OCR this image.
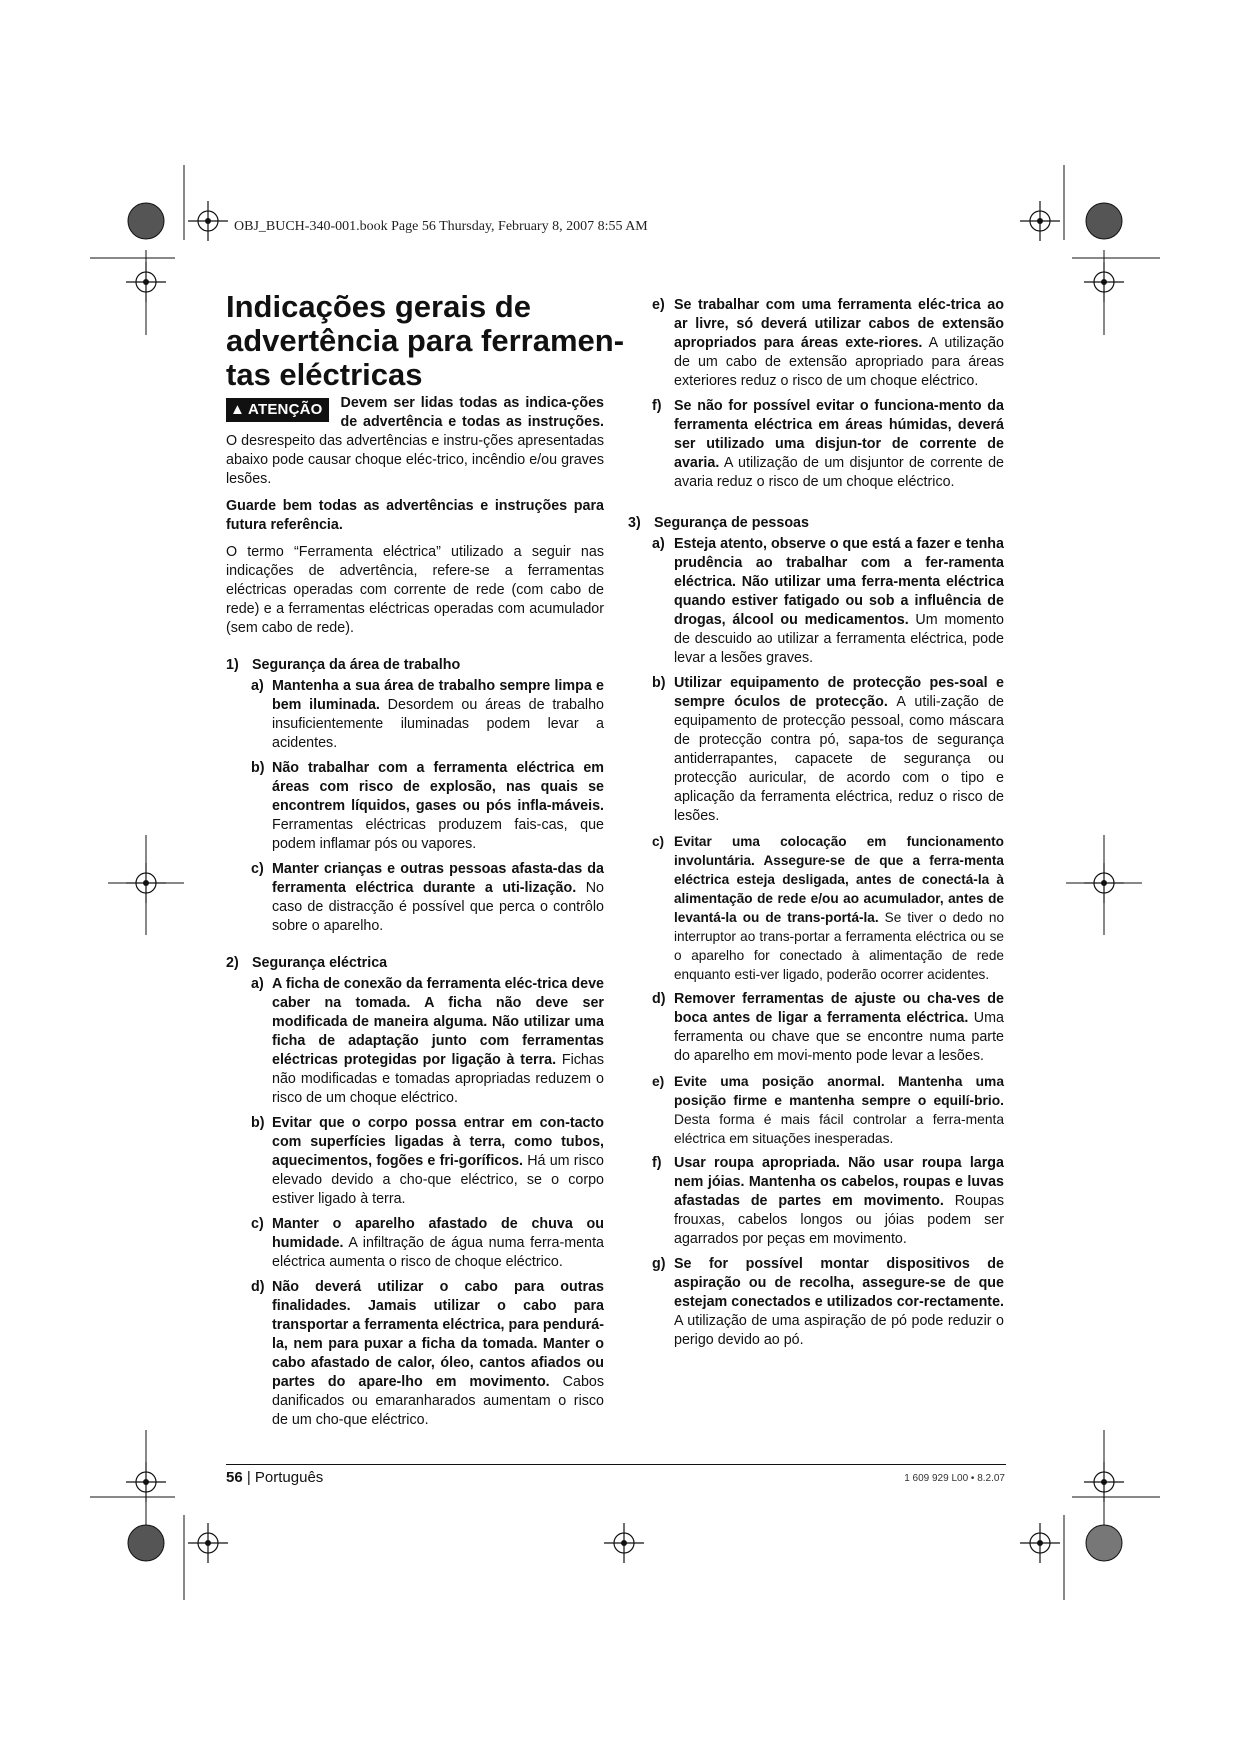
OBJ_BUCH-340-001.book Page 56 Thursday, February 8, 2007 8:55 AM
Indicações gerais de advertência para ferramen-tas eléctricas

▲ ATENÇÃO	Devem ser lidas todas as indica-ções de advertência e todas as instruções. O desrespeito das advertências e instru-ções apresentadas abaixo pode causar choque eléc-trico, incêndio e/ou graves lesões.

Guarde bem todas as advertências e instruções para futura referência.

O termo “Ferramenta eléctrica” utilizado a seguir nas indicações de advertência, refere-se a ferramentas eléctricas operadas com corrente de rede (com cabo de rede) e a ferramentas eléctricas operadas com acumulador (sem cabo de rede).

1) Segurança da área de trabalho
a) Mantenha a sua área de trabalho sempre limpa e bem iluminada. Desordem ou áreas de trabalho insuficientemente iluminadas podem levar a acidentes.
b) Não trabalhar com a ferramenta eléctrica em áreas com risco de explosão, nas quais se encontrem líquidos, gases ou pós infla-máveis. Ferramentas eléctricas produzem fais-cas, que podem inflamar pós ou vapores.
c) Manter crianças e outras pessoas afasta-das da ferramenta eléctrica durante a uti-lização. No caso de distracção é possível que perca o contrôlo sobre o aparelho.
2) Segurança eléctrica
a) A ficha de conexão da ferramenta eléc-trica deve caber na tomada. A ficha não deve ser modificada de maneira alguma. Não utilizar uma ficha de adaptação junto com ferramentas eléctricas protegidas por ligação à terra. Fichas não modificadas e tomadas apropriadas reduzem o risco de um choque eléctrico.
b) Evitar que o corpo possa entrar em con-tacto com superfícies ligadas à terra, como tubos, aquecimentos, fogões e fri-goríficos. Há um risco elevado devido a cho-que eléctrico, se o corpo estiver ligado à terra.
c) Manter o aparelho afastado de chuva ou humidade. A infiltração de água numa ferra-menta eléctrica aumenta o risco de choque eléctrico.
d) Não deverá utilizar o cabo para outras finalidades. Jamais utilizar o cabo para transportar a ferramenta eléctrica, para pendurá-la, nem para puxar a ficha da tomada. Manter o cabo afastado de calor, óleo, cantos afiados ou partes do apare-lho em movimento. Cabos danificados ou emaranharados aumentam o risco de um cho-que eléctrico.
e) Se trabalhar com uma ferramenta eléc-trica ao ar livre, só deverá utilizar cabos de extensão apropriados para áreas exte-riores. A utilização de um cabo de extensão apropriado para áreas exteriores reduz o risco de um choque eléctrico.
f) Se não for possível evitar o funciona-mento da ferramenta eléctrica em áreas húmidas, deverá ser utilizado uma disjun-tor de corrente de avaria. A utilização de um disjuntor de corrente de avaria reduz o risco de um choque eléctrico.
3) Segurança de pessoas
a) Esteja atento, observe o que está a fazer e tenha prudência ao trabalhar com a fer-ramenta eléctrica. Não utilizar uma ferra-menta eléctrica quando estiver fatigado ou sob a influência de drogas, álcool ou medicamentos. Um momento de descuido ao utilizar a ferramenta eléctrica, pode levar a lesões graves.
b) Utilizar equipamento de protecção pes-soal e sempre óculos de protecção. A utili-zação de equipamento de protecção pessoal, como máscara de protecção contra pó, sapa-tos de segurança antiderrapantes, capacete de segurança ou protecção auricular, de acordo com o tipo e aplicação da ferramenta eléctrica, reduz o risco de lesões.
c) Evitar uma colocação em funcionamento involuntária. Assegure-se de que a ferra-menta eléctrica esteja desligada, antes de conectá-la à alimentação de rede e/ou ao acumulador, antes de levantá-la ou de trans-portá-la. Se tiver o dedo no interruptor ao trans-portar a ferramenta eléctrica ou se o aparelho for conectado à alimentação de rede enquanto esti-ver ligado, poderão ocorrer acidentes.
d) Remover ferramentas de ajuste ou cha-ves de boca antes de ligar a ferramenta eléctrica. Uma ferramenta ou chave que se encontre numa parte do aparelho em movi-mento pode levar a lesões.
e) Evite uma posição anormal. Mantenha uma posição firme e mantenha sempre o equilí-brio. Desta forma é mais fácil controlar a ferra-menta eléctrica em situações inesperadas.
f) Usar roupa apropriada. Não usar roupa larga nem jóias. Mantenha os cabelos, roupas e luvas afastadas de partes em movimento. Roupas frouxas, cabelos longos ou jóias podem ser agarrados por peças em movimento.
g) Se for possível montar dispositivos de aspiração ou de recolha, assegure-se de que estejam conectados e utilizados cor-rectamente. A utilização de uma aspiração de pó pode reduzir o perigo devido ao pó.
56 | Português	1 609 929 L00 • 8.2.07
